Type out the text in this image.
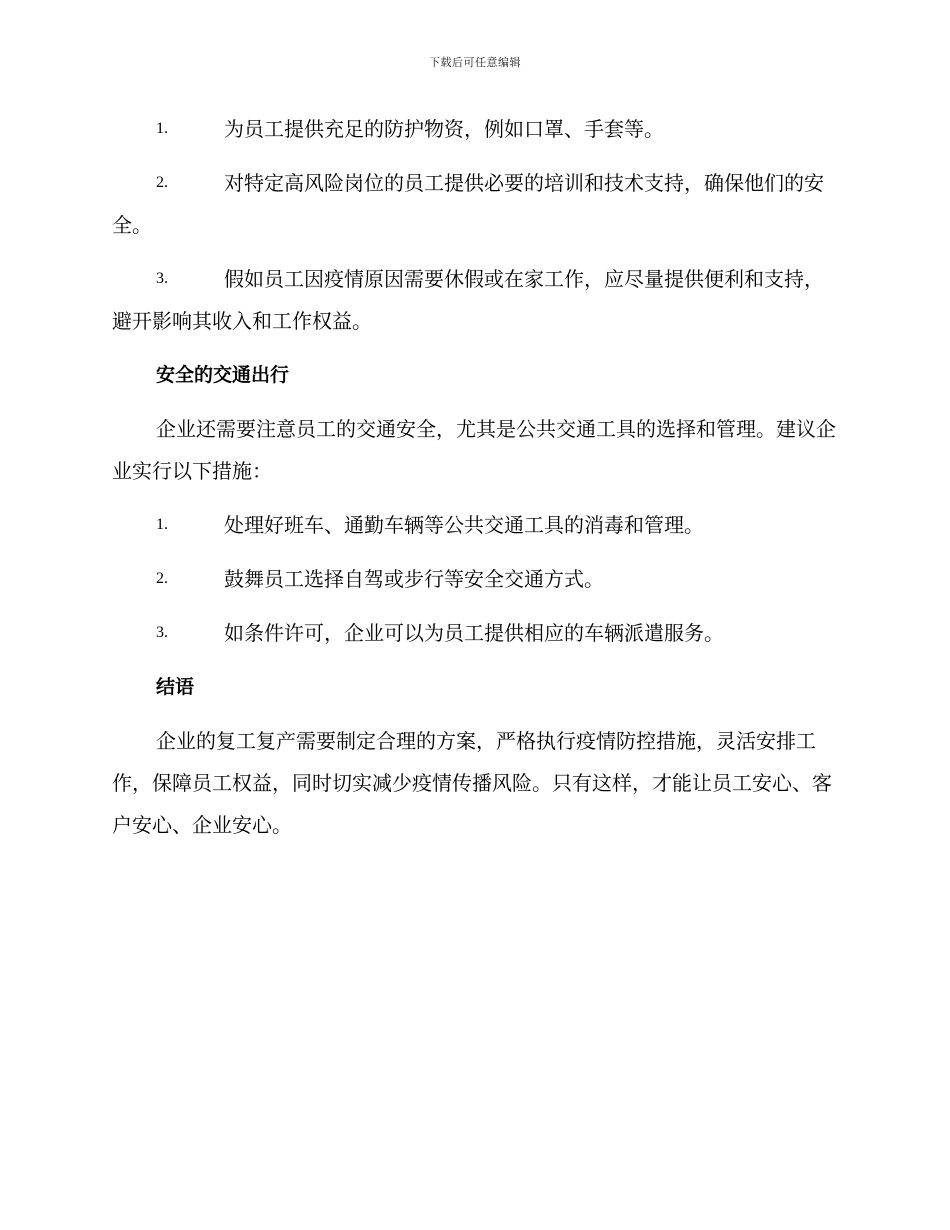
下载后可任意编辑
1.	为员工提供充足的防护物资，例如口罩、手套等。
2.	对特定高风险岗位的员工提供必要的培训和技术支持，确保他们的安全。
3.	假如员工因疫情原因需要休假或在家工作，应尽量提供便利和支持，避开影响其收入和工作权益。
安全的交通出行
企业还需要注意员工的交通安全，尤其是公共交通工具的选择和管理。建议企业实行以下措施：
1.	处理好班车、通勤车辆等公共交通工具的消毒和管理。
2.	鼓舞员工选择自驾或步行等安全交通方式。
3.	如条件许可，企业可以为员工提供相应的车辆派遣服务。
结语
企业的复工复产需要制定合理的方案，严格执行疫情防控措施，灵活安排工作，保障员工权益，同时切实减少疫情传播风险。只有这样，才能让员工安心、客户安心、企业安心。
